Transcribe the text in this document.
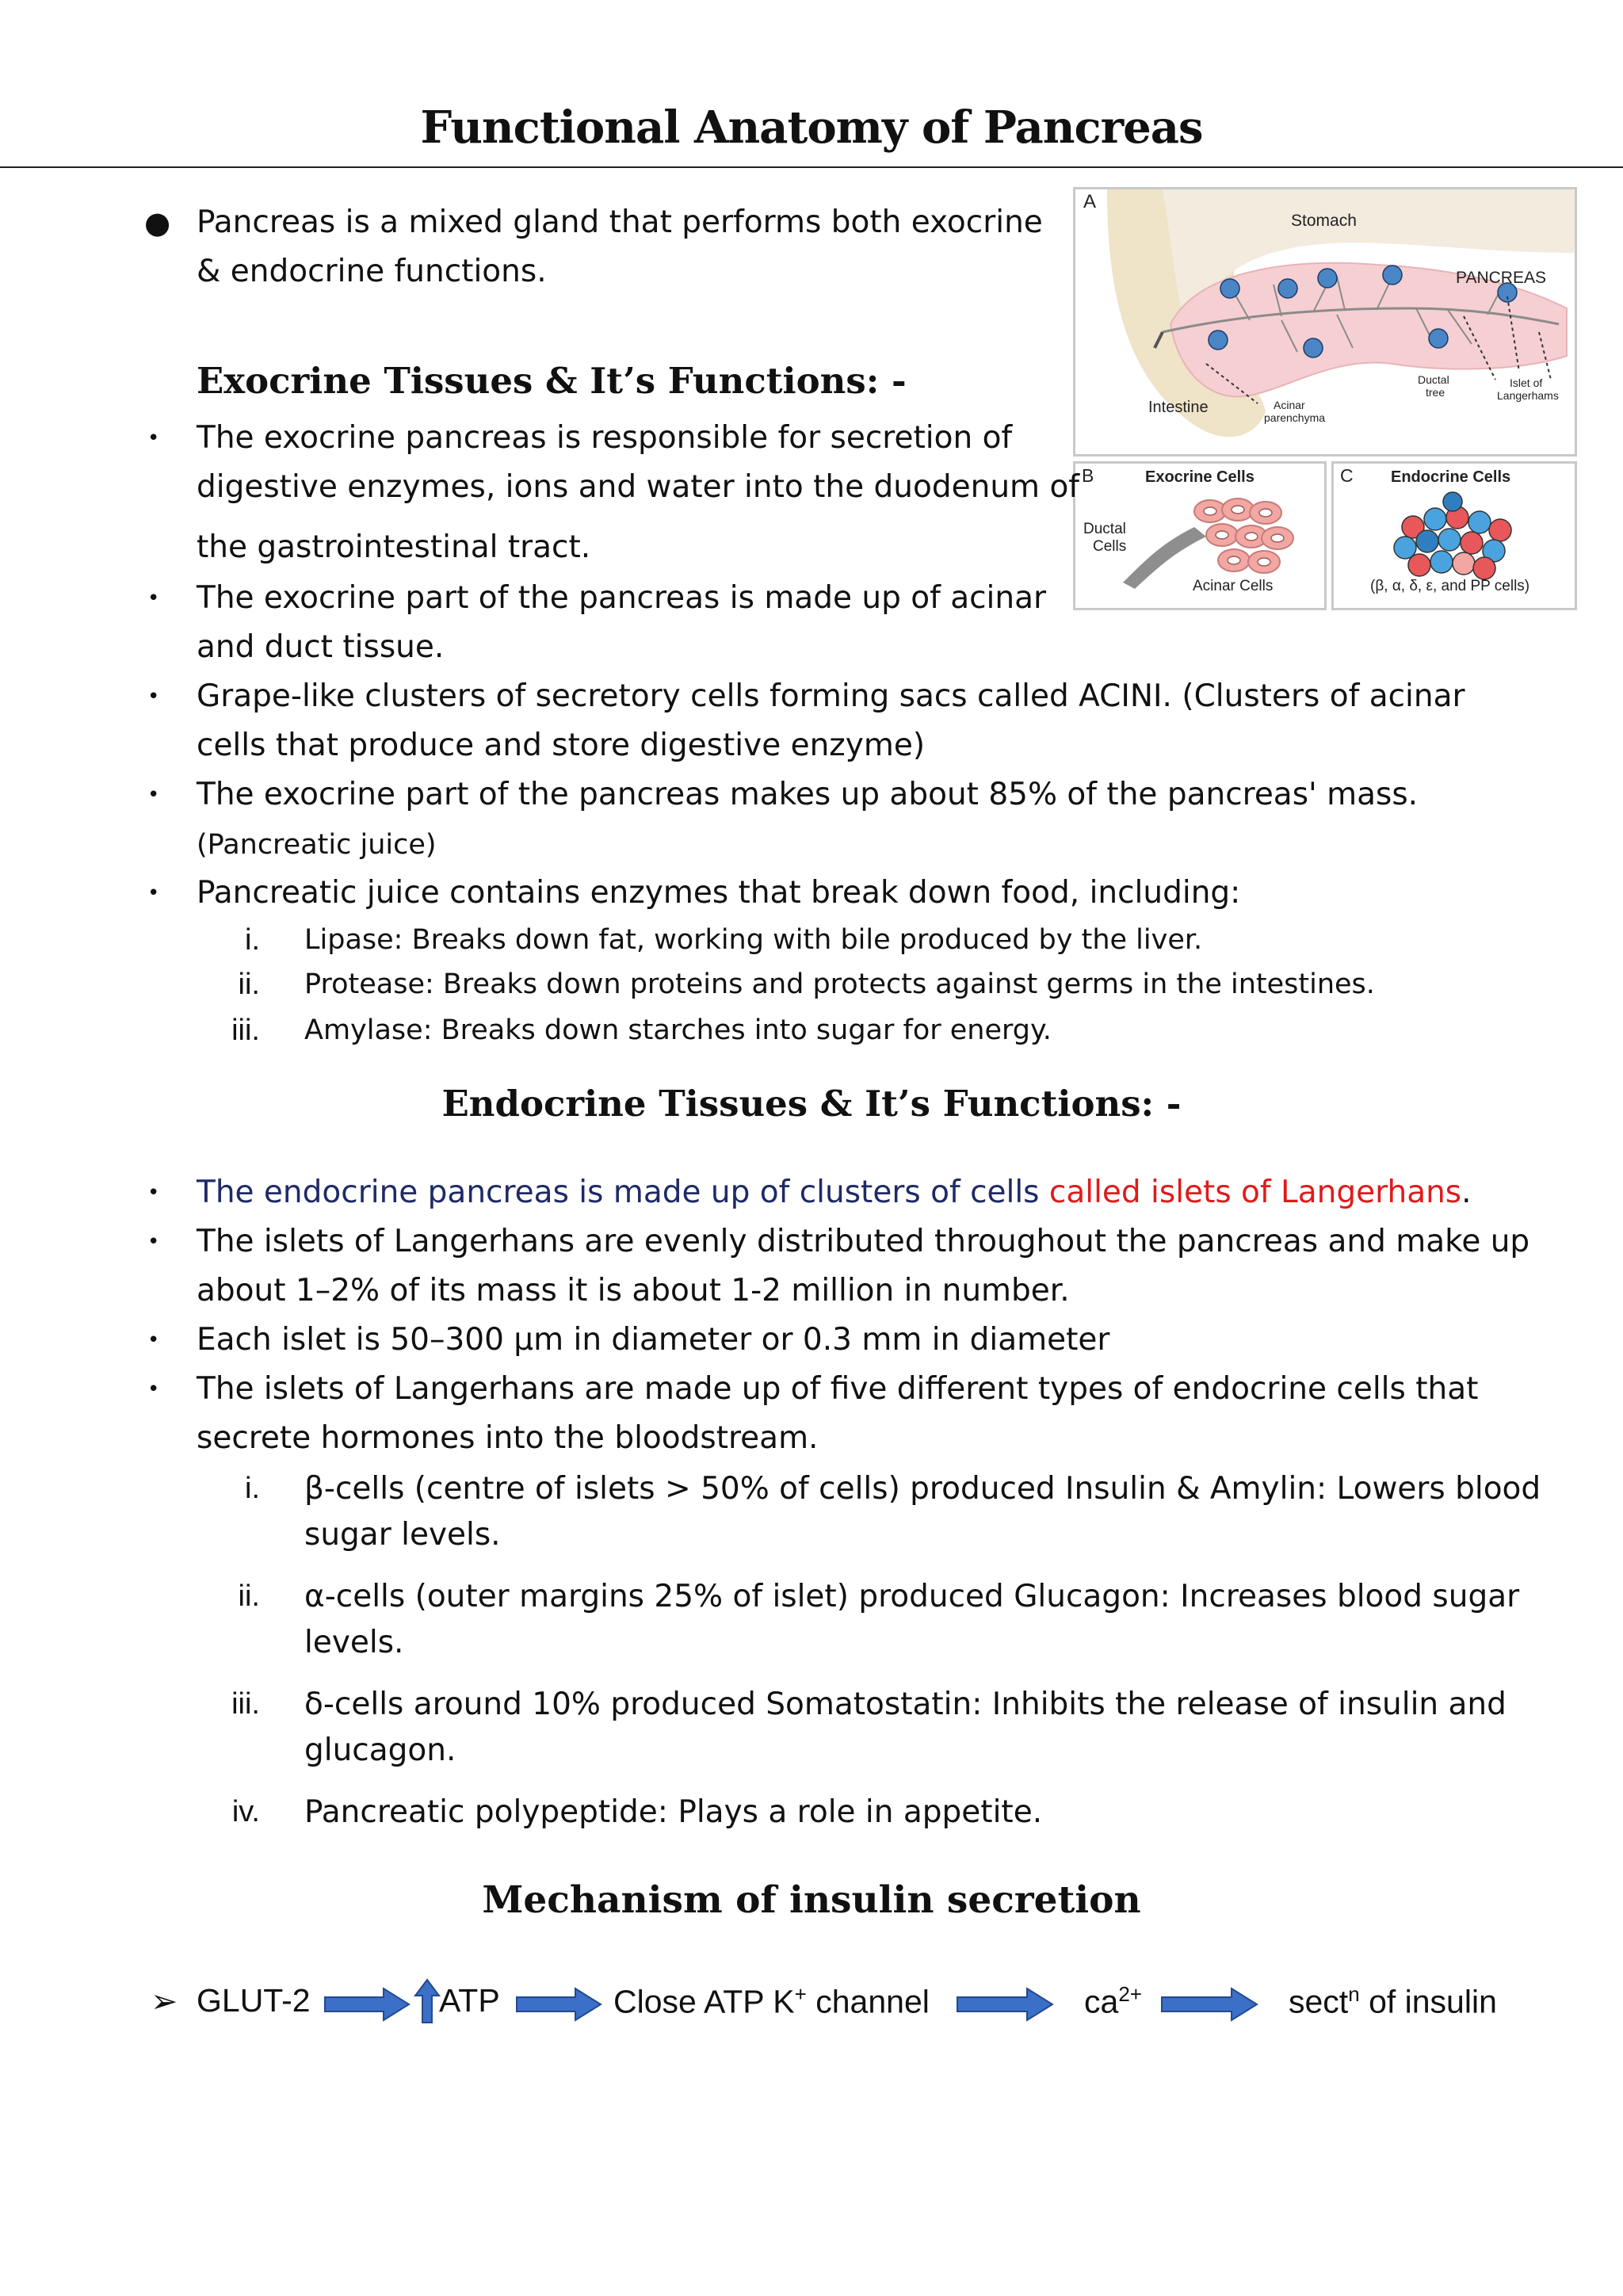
Functional Anatomy of Pancreas
● Pancreas is a mixed gland that performs both exocrine
& endocrine functions.
A
Stomach
PANCREAS
Intestine	Acinar
parenchyma
Ductal
tree
Islet of
Langerhams
B	Exocrine Cells
Ductal
Cells
Acinar Cells
C Endocrine Cells
(β, α, δ, ε, and PP cells)
Exocrine Tissues & It’s Functions: -
• The exocrine pancreas is responsible for secretion of
digestive enzymes, ions and water into the duodenum of
the gastrointestinal tract.
• The exocrine part of the pancreas is made up of acinar
and duct tissue.
• Grape-like clusters of secretory cells forming sacs called ACINI. (Clusters of acinar
cells that produce and store digestive enzyme)
• The exocrine part of the pancreas makes up about 85% of the pancreas' mass.
(Pancreatic juice)
• Pancreatic juice contains enzymes that break down food, including:
i. Lipase: Breaks down fat, working with bile produced by the liver.
ii. Protease: Breaks down proteins and protects against germs in the intestines.
iii. Amylase: Breaks down starches into sugar for energy.
Endocrine Tissues & It’s Functions: -
• The endocrine pancreas is made up of clusters of cells called islets of Langerhans.
• The islets of Langerhans are evenly distributed throughout the pancreas and make up
about 1–2% of its mass it is about 1-2 million in number.
• Each islet is 50–300 μm in diameter or 0.3 mm in diameter
• The islets of Langerhans are made up of five different types of endocrine cells that
secrete hormones into the bloodstream.
i. β-cells (centre of islets > 50% of cells) produced Insulin & Amylin: Lowers blood
sugar levels.
ii. α-cells (outer margins 25% of islet) produced Glucagon: Increases blood sugar
levels.
iii. δ-cells around 10% produced Somatostatin: Inhibits the release of insulin and
glucagon.
iv. Pancreatic polypeptide: Plays a role in appetite.
Mechanism of insulin secretion
➢ GLUT-2	ATP	Close ATP K+ channel	$ca^{2+}$	sect$^n$ of insulin
